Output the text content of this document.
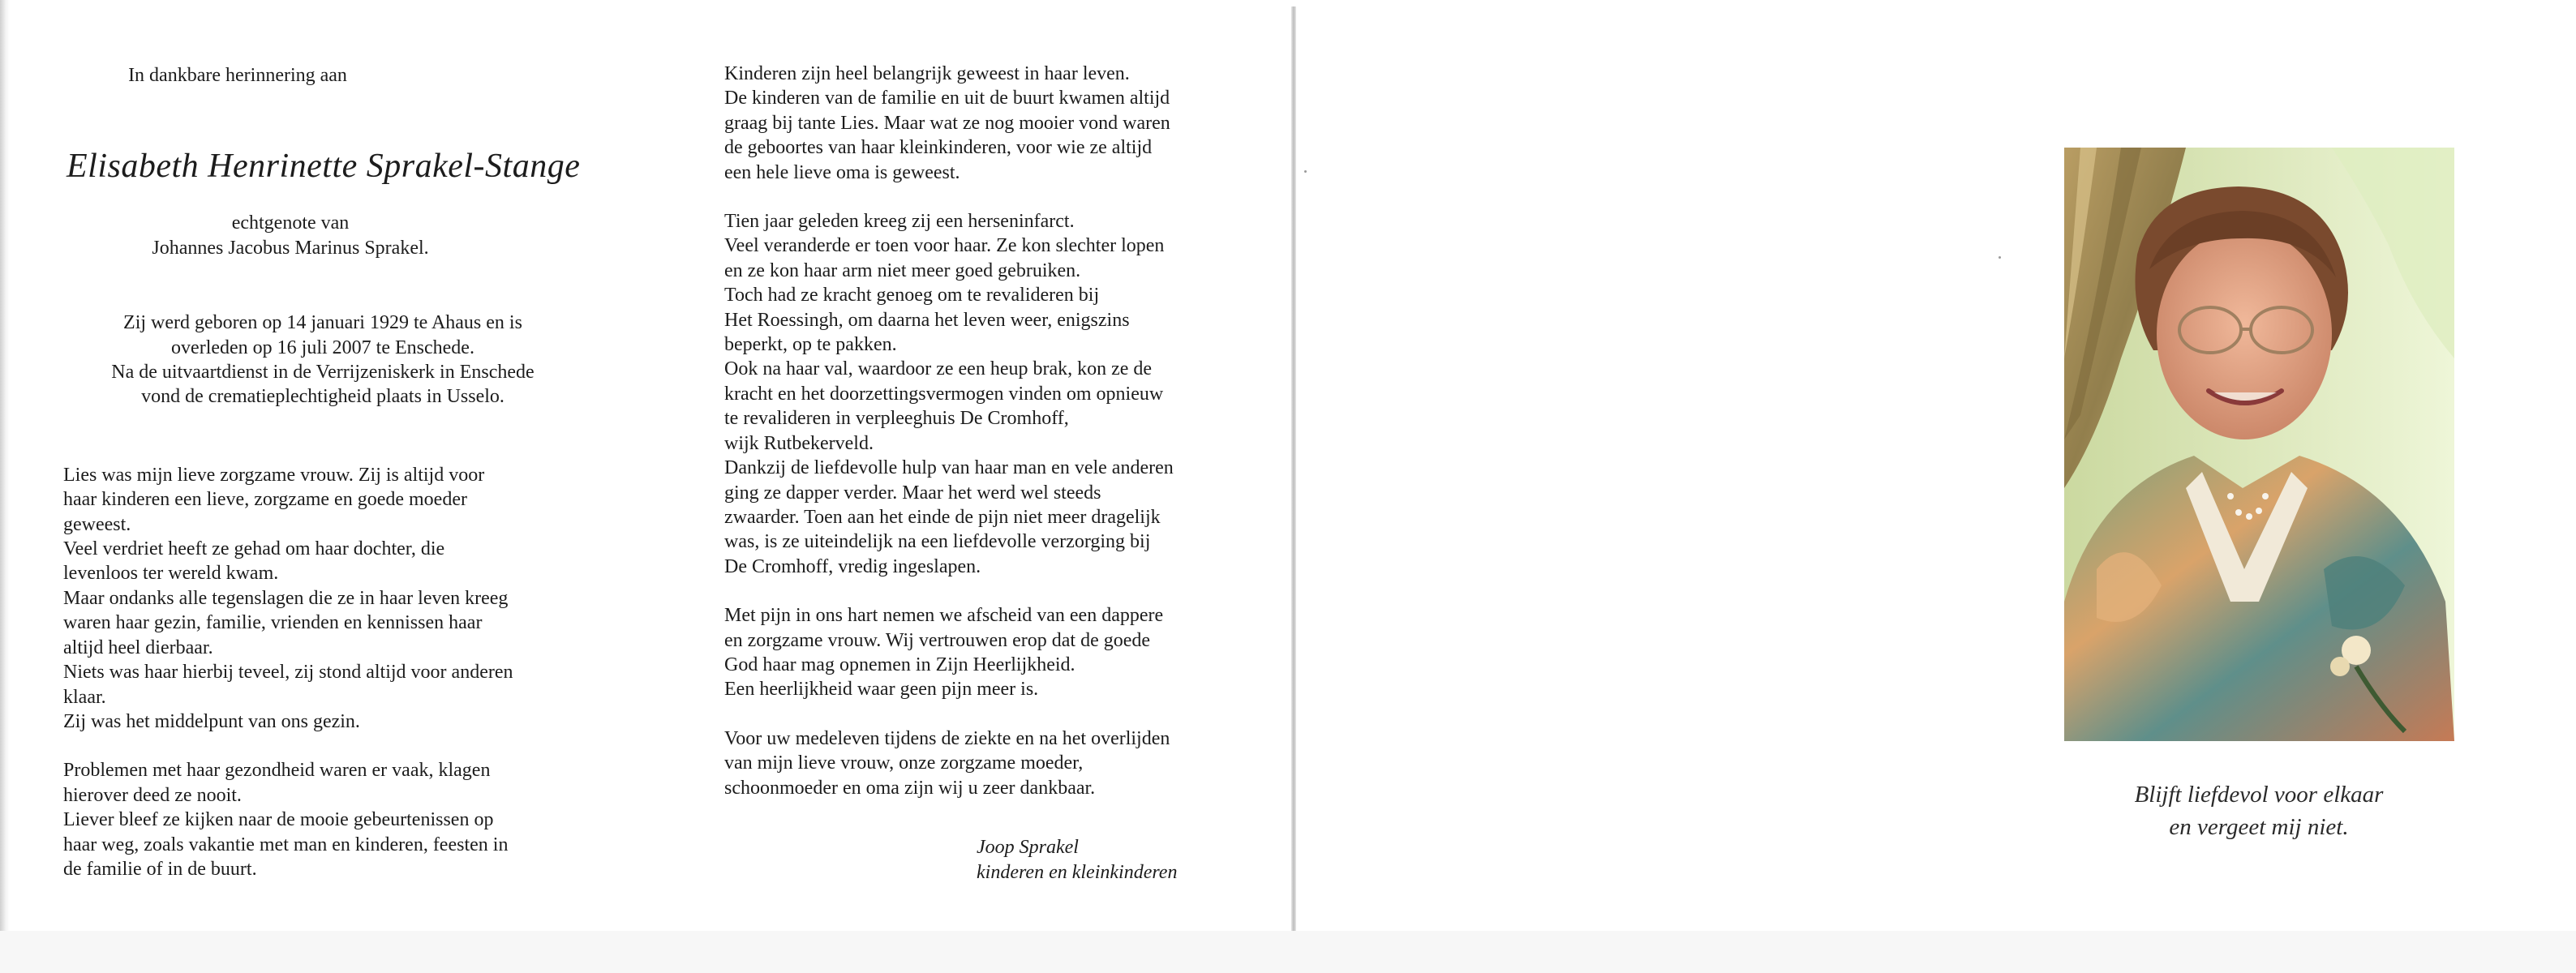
In dankbare herinnering aan

Elisabeth Henrinette Sprakel-Stange

echtgenote van

Johannes Jacobus Marinus Sprakel.

Zij werd geboren op 14 januari 1929 te Ahaus en is

overleden op 16 juli 2007 te Enschede.

Na de uitvaartdienst in de Verrijzeniskerk in Enschede

vond de crematieplechtigheid plaats in Usselo.

Lies was mijn lieve zorgzame vrouw. Zij is altijd voor

haar kinderen een lieve, zorgzame en goede moeder

geweest.

Veel verdriet heeft ze gehad om haar dochter, die

levenloos ter wereld kwam.

Maar ondanks alle tegenslagen die ze in haar leven kreeg

waren haar gezin, familie, vrienden en kennissen haar

altijd heel dierbaar.

Niets was haar hierbij teveel, zij stond altijd voor anderen

klaar.

Zij was het middelpunt van ons gezin.

Problemen met haar gezondheid waren er vaak, klagen

hierover deed ze nooit.

Liever bleef ze kijken naar de mooie gebeurtenissen op

haar weg, zoals vakantie met man en kinderen, feesten in

de familie of in de buurt.

Kinderen zijn heel belangrijk geweest in haar leven.

De kinderen van de familie en uit de buurt kwamen altijd

graag bij tante Lies. Maar wat ze nog mooier vond waren

de geboortes van haar kleinkinderen, voor wie ze altijd

een hele lieve oma is geweest.

Tien jaar geleden kreeg zij een herseninfarct.

Veel veranderde er toen voor haar. Ze kon slechter lopen

en ze kon haar arm niet meer goed gebruiken.

Toch had ze kracht genoeg om te revalideren bij

Het Roessingh, om daarna het leven weer, enigszins

beperkt, op te pakken.

Ook na haar val, waardoor ze een heup brak, kon ze de

kracht en het doorzettingsvermogen vinden om opnieuw

te revalideren in verpleeghuis De Cromhoff,

wijk Rutbekerveld.

Dankzij de liefdevolle hulp van haar man en vele anderen

ging ze dapper verder. Maar het werd wel steeds

zwaarder. Toen aan het einde de pijn niet meer dragelijk

was, is ze uiteindelijk na een liefdevolle verzorging bij

De Cromhoff, vredig ingeslapen.

Met pijn in ons hart nemen we afscheid van een dappere

en zorgzame vrouw. Wij vertrouwen erop dat de goede

God haar mag opnemen in Zijn Heerlijkheid.

Een heerlijkheid waar geen pijn meer is.

Voor uw medeleven tijdens de ziekte en na het overlijden

van mijn lieve vrouw, onze zorgzame moeder,

schoonmoeder en oma zijn wij u zeer dankbaar.

Joop Sprakel
kinderen en kleinkinderen
Blijft liefdevol voor elkaar
en vergeet mij niet.
